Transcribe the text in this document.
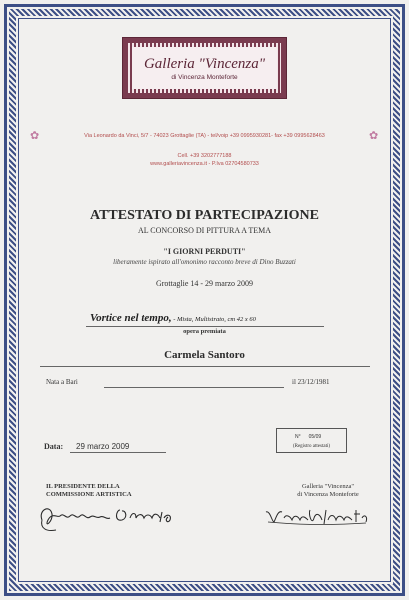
Galleria "Vincenza"
di Vincenza Monteforte
✿	✿
Via Leonardo da Vinci, 5/7 - 74023 Grottaglie (TA) - tel/voip +39 0995930281- fax +39 0995628463
Cell. +39 3202777188
www.galleriavincenza.it - P.Iva 02704580733
ATTESTATO DI PARTECIPAZIONE
AL CONCORSO DI PITTURA A TEMA
"I GIORNI PERDUTI"
liberamente ispirato all'omonimo racconto breve di Dino Buzzati
Grottaglie 14 - 29 marzo 2009
Vortice nel tempo, - Mista, Multistrato, cm 42 x 60
opera premiata
Carmela Santoro
Nata a Bari	il 23/12/1981
Data: 29 marzo 2009
N° 05/09
(Registro attestati)
IL PRESIDENTE DELLA
COMMISSIONE ARTISTICA
Galleria "Vincenza"
di Vincenza Monteforte
